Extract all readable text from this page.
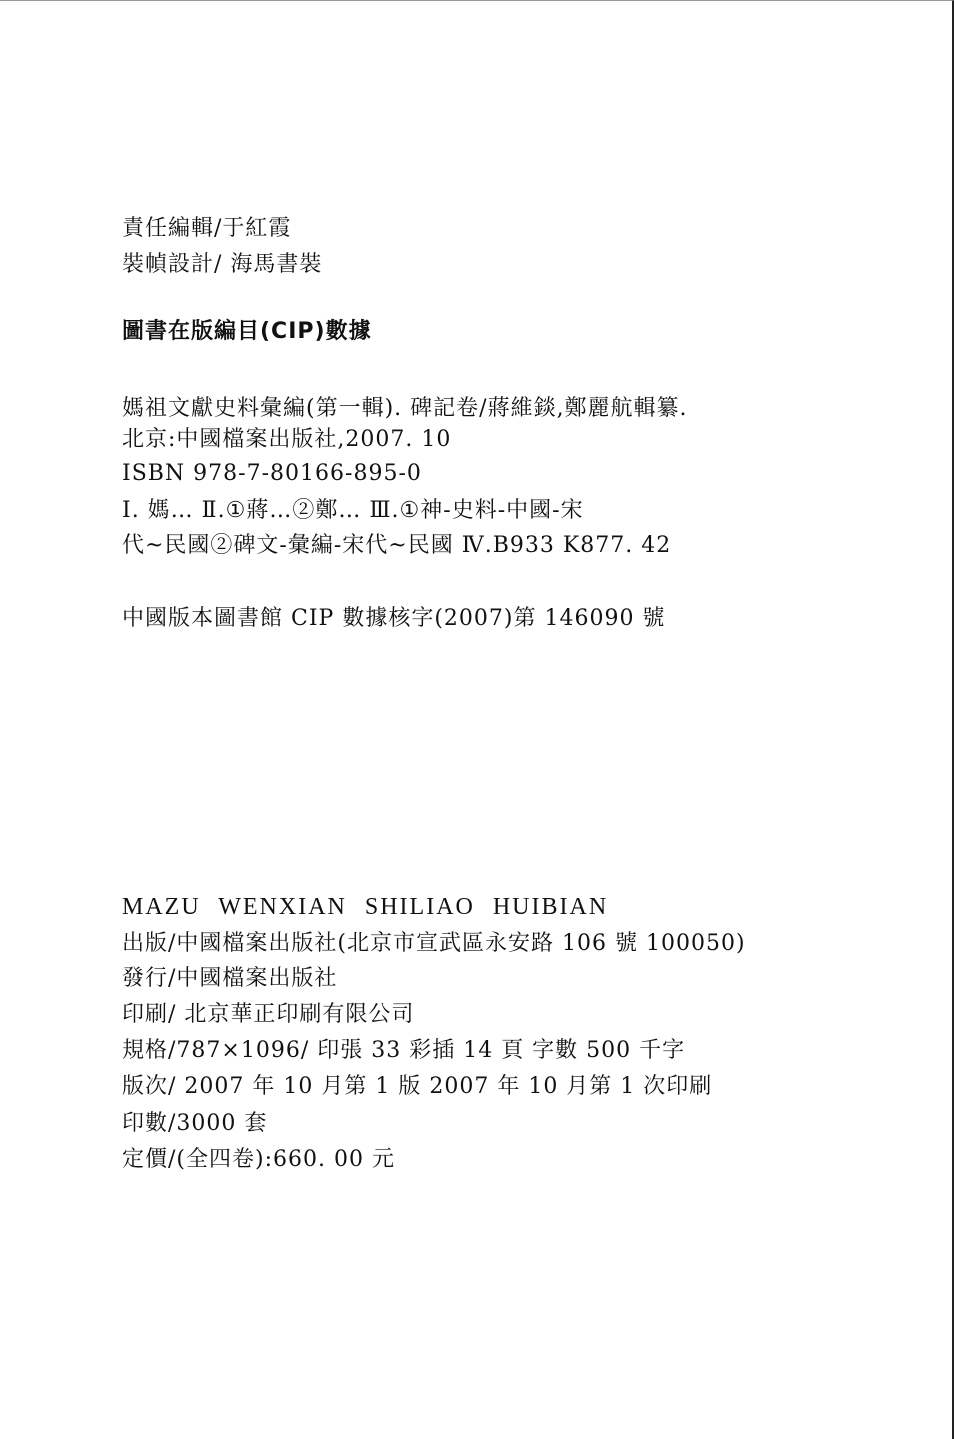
責任編輯/于紅霞
裝幀設計/ 海馬書裝
圖書在版編目(CIP)數據
媽祖文獻史料彙編(第一輯). 碑記卷/蔣維錟,鄭麗航輯纂.
北京:中國檔案出版社,2007. 10
ISBN 978-7-80166-895-0
I. 媽… Ⅱ.①蔣…②鄭… Ⅲ.①神-史料-中國-宋
代~民國②碑文-彙編-宋代~民國 Ⅳ.B933 K877. 42
中國版本圖書館 CIP 數據核字(2007)第 146090 號
MAZU WENXIAN SHILIAO HUIBIAN
出版/中國檔案出版社(北京市宣武區永安路 106 號 100050)
發行/中國檔案出版社
印刷/ 北京華正印刷有限公司
規格/787×1096/ 印張 33 彩插 14 頁 字數 500 千字
版次/ 2007 年 10 月第 1 版 2007 年 10 月第 1 次印刷
印數/3000 套
定價/(全四卷):660. 00 元
